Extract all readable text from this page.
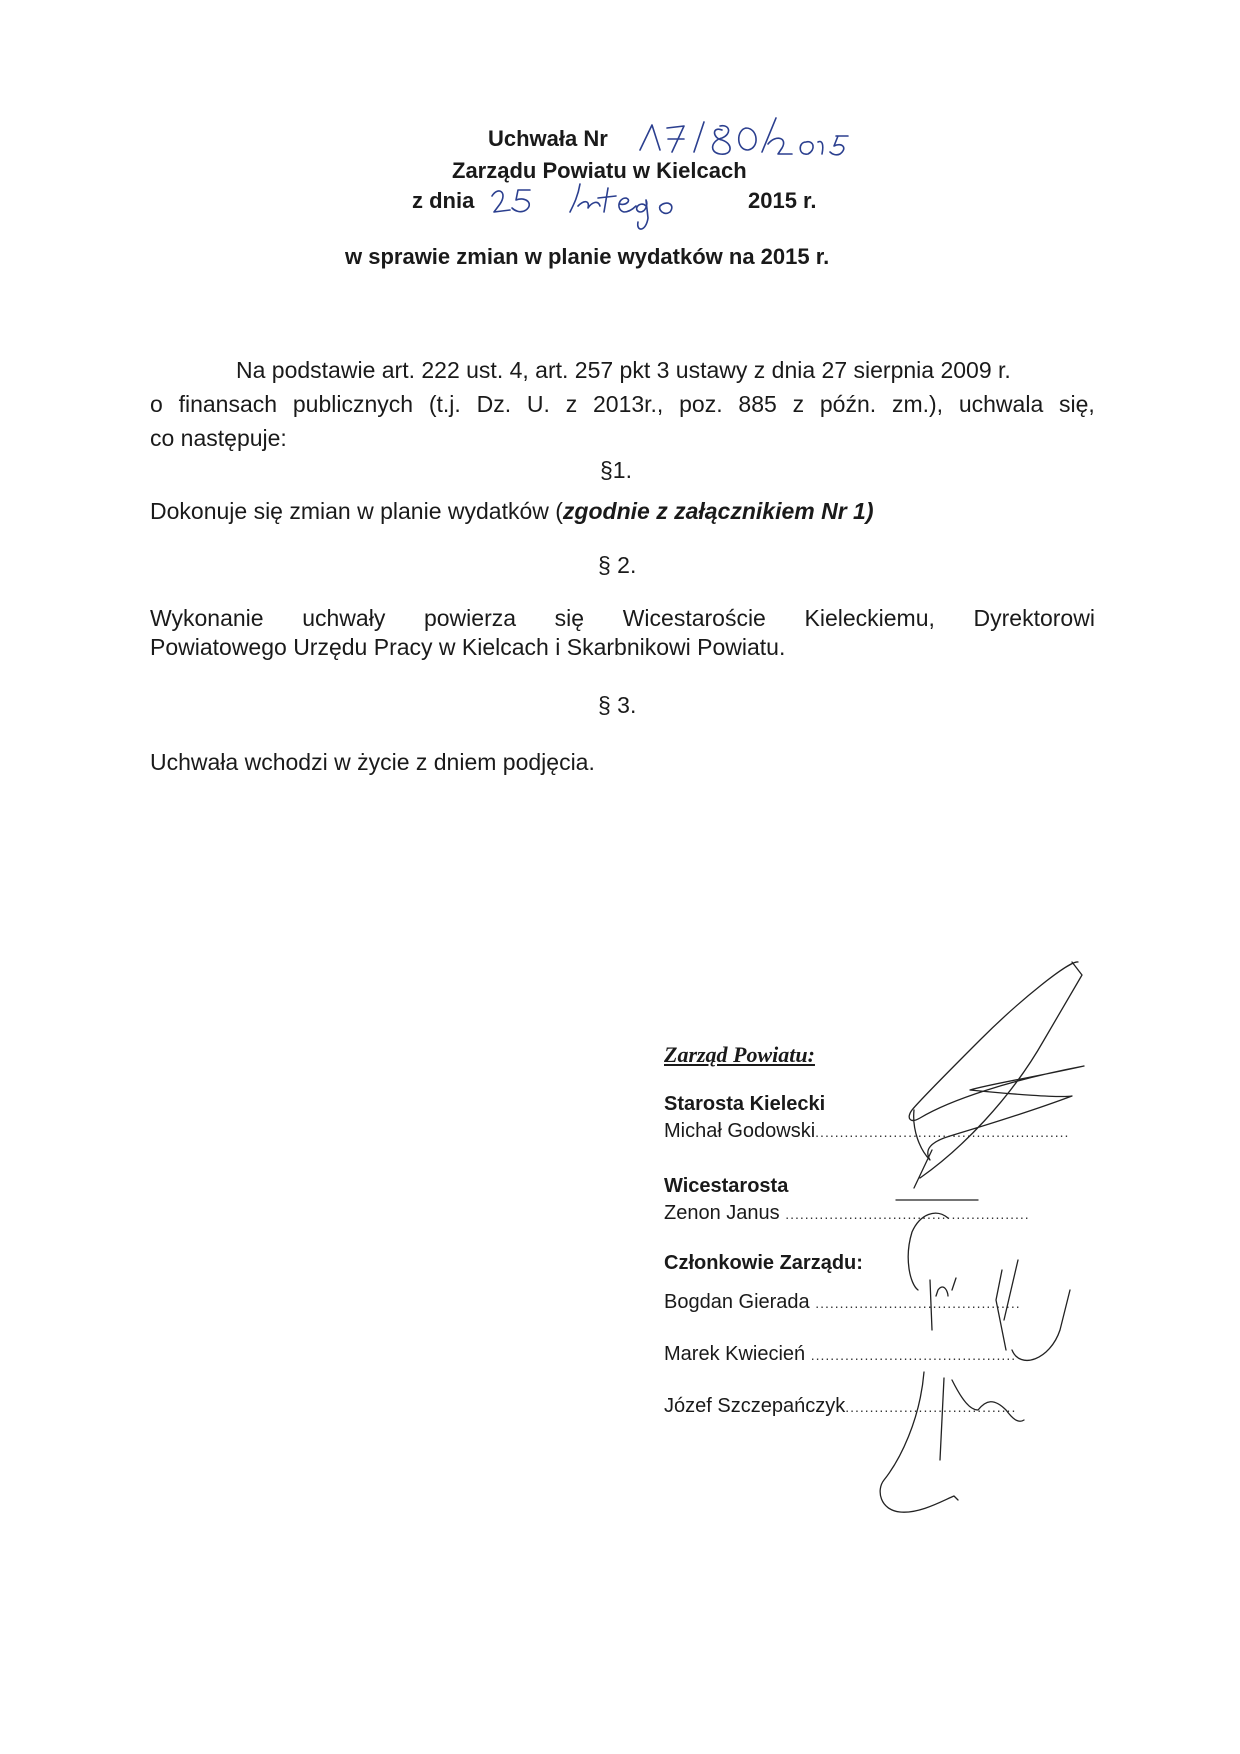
Uchwała Nr
Zarządu Powiatu w Kielcach
z dnia	2015 r.
w sprawie zmian w planie wydatków na 2015 r.
Na podstawie art. 222 ust. 4, art. 257 pkt 3 ustawy z dnia 27 sierpnia 2009 r.
o finansach publicznych (t.j. Dz. U. z 2013r., poz. 885 z późn. zm.), uchwala się,
co następuje:
§1.
Dokonuje się zmian w planie wydatków (zgodnie z załącznikiem Nr 1)
§ 2.
Wykonanie uchwały powierza się Wicestaroście Kieleckiemu, Dyrektorowi
Powiatowego Urzędu Pracy w Kielcach i Skarbnikowi Powiatu.
§ 3.
Uchwała wchodzi w życie z dniem podjęcia.
Zarząd Powiatu:
Starosta Kielecki
Michał Godowski....................................................
Wicestarosta
Zenon Janus ..................................................
Członkowie Zarządu:
Bogdan Gierada ..........................................
Marek Kwiecień ..........................................
Józef Szczepańczyk...................................
